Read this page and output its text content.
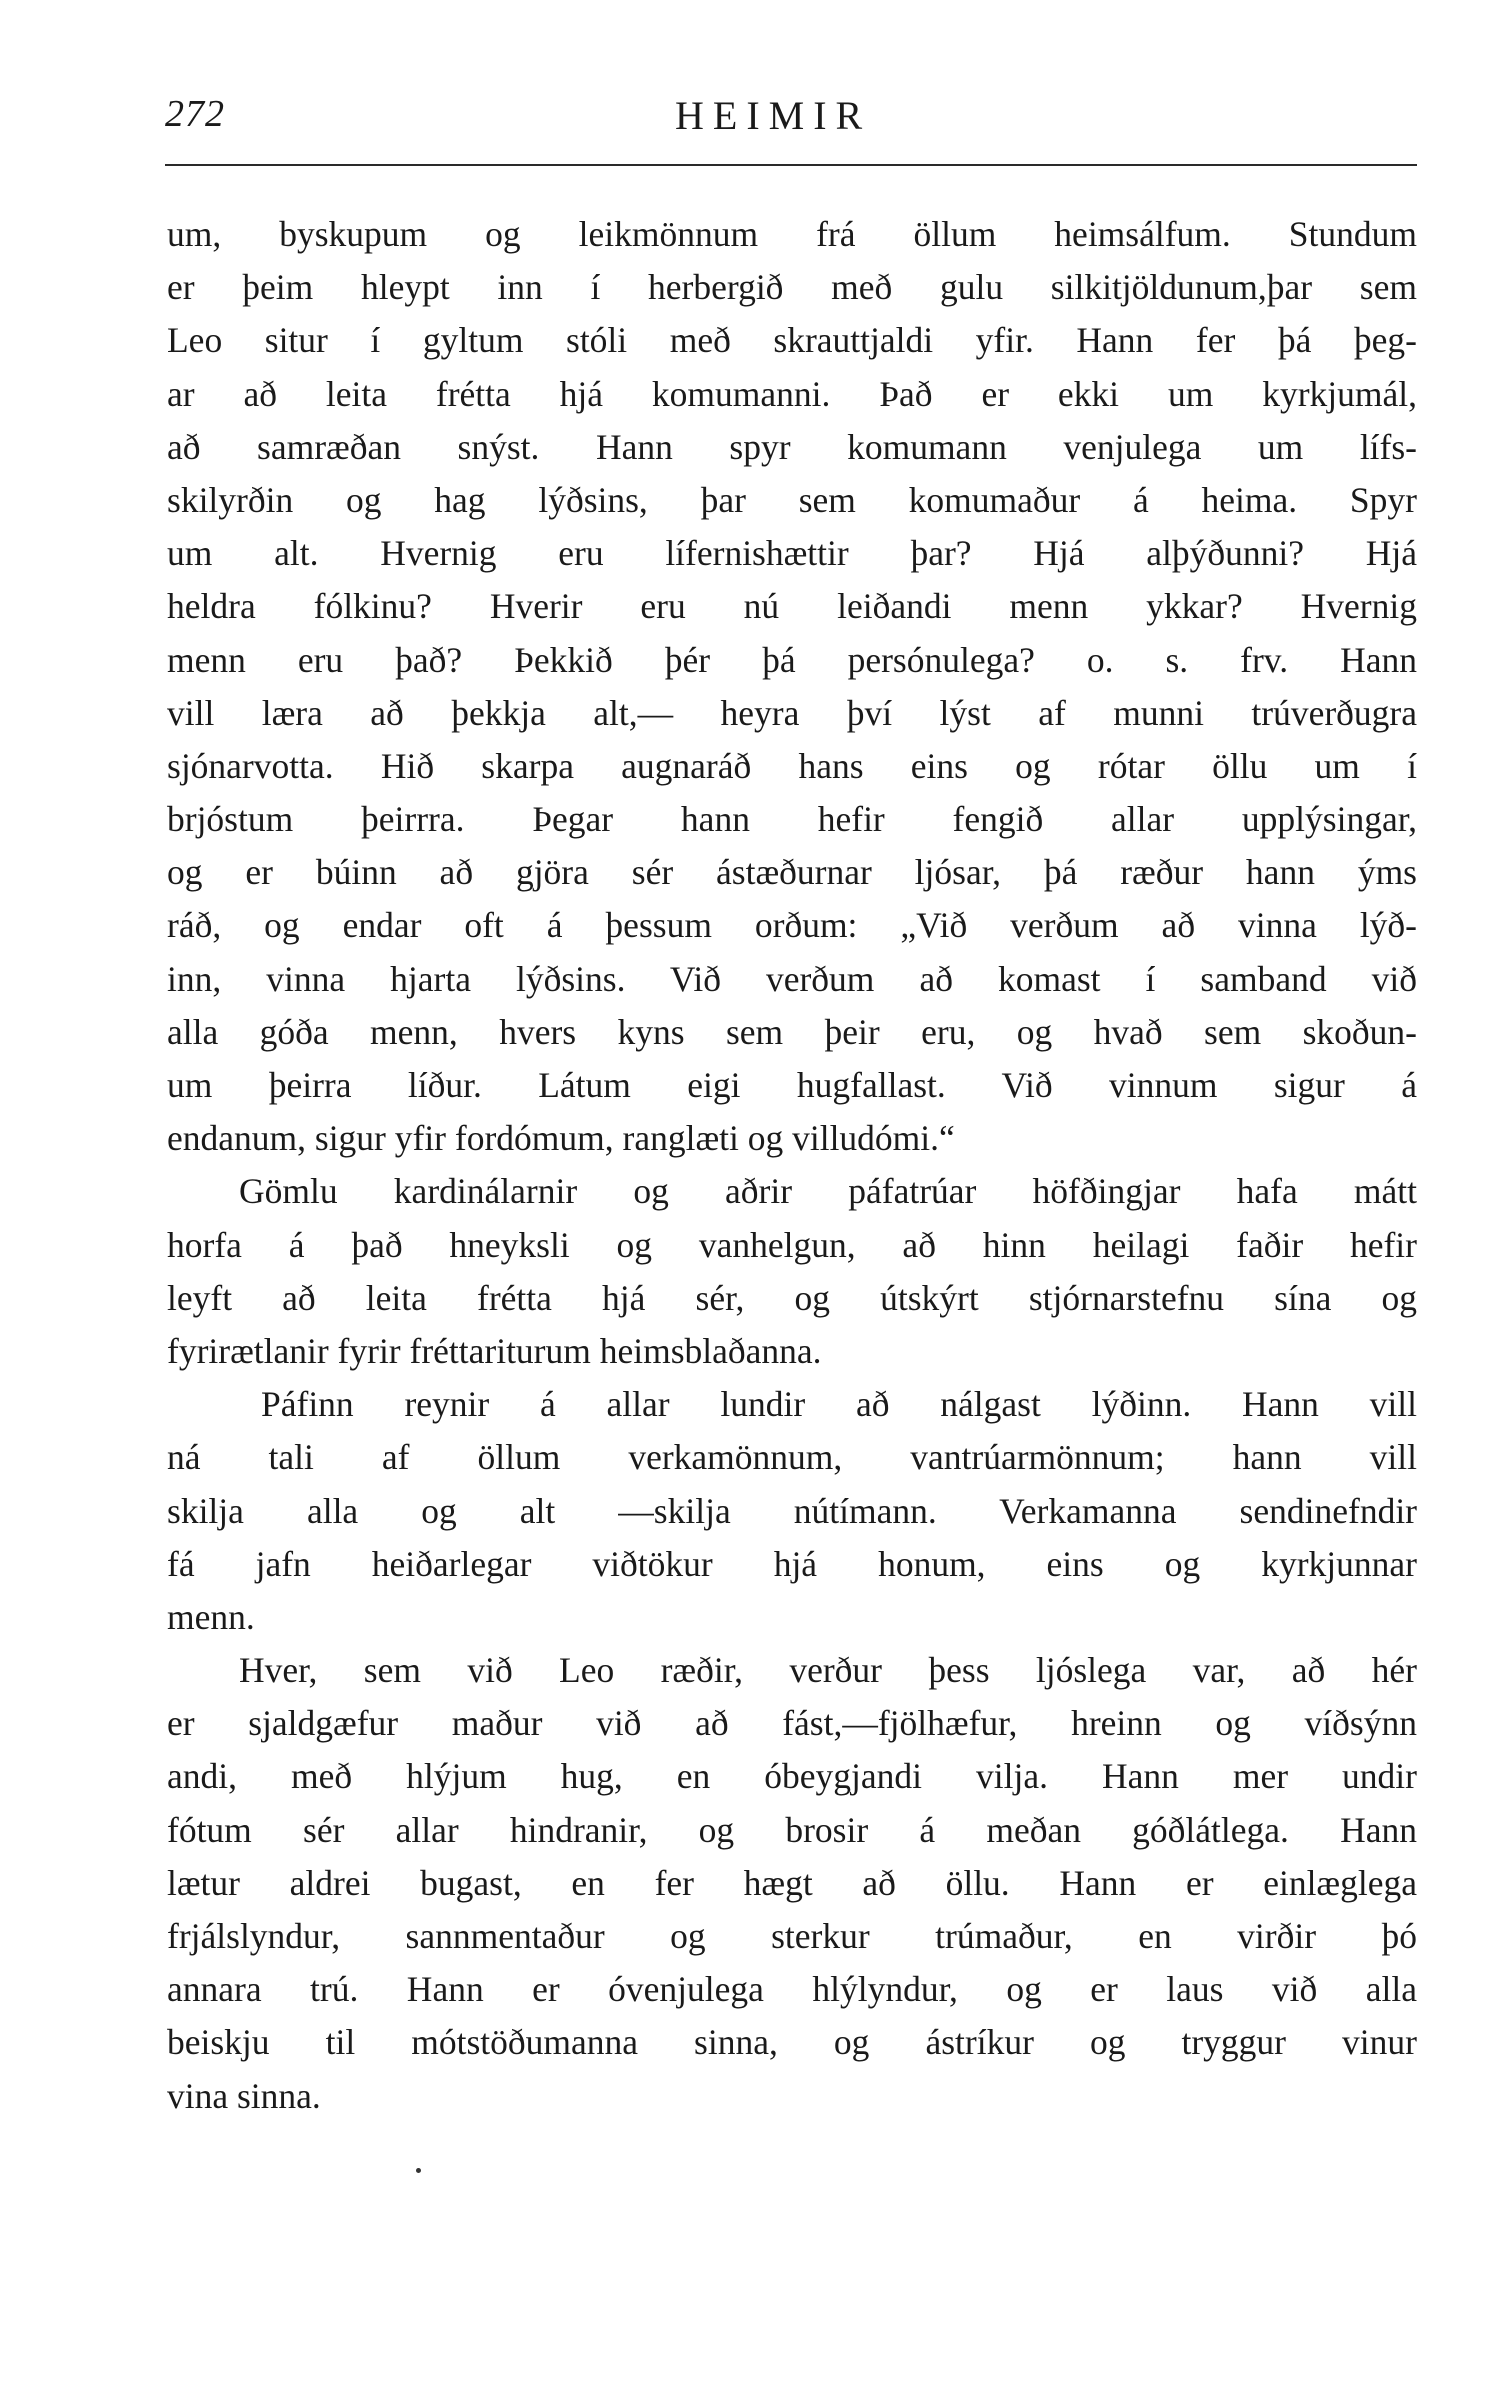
272	HEIMIR
um, byskupum og leikmönnum frá öllum heimsálfum. Stundum
er þeim hleypt inn í herbergið með gulu silkitjöldunum,þar sem
Leo situr í gyltum stóli með skrauttjaldi yfir. Hann fer þá þeg-
ar að leita frétta hjá komumanni. Það er ekki um kyrkjumál,
að samræðan snýst. Hann spyr komumann venjulega um lífs-
skilyrðin og hag lýðsins, þar sem komumaður á heima. Spyr
um alt. Hvernig eru lífernishættir þar? Hjá alþýðunni? Hjá
heldra fólkinu? Hverir eru nú leiðandi menn ykkar? Hvernig
menn eru það? Þekkið þér þá persónulega? o. s. frv. Hann
vill læra að þekkja alt,— heyra því lýst af munni trúverðugra
sjónarvotta. Hið skarpa augnaráð hans eins og rótar öllu um í
brjóstum þeirrra. Þegar hann hefir fengið allar upplýsingar,
og er búinn að gjöra sér ástæðurnar ljósar, þá ræður hann ýms
ráð, og endar oft á þessum orðum: „Við verðum að vinna lýð-
inn, vinna hjarta lýðsins. Við verðum að komast í samband við
alla góða menn, hvers kyns sem þeir eru, og hvað sem skoðun-
um þeirra líður. Látum eigi hugfallast. Við vinnum sigur á
endanum, sigur yfir fordómum, ranglæti og villudómi.“
Gömlu kardinálarnir og aðrir páfatrúar höfðingjar hafa mátt
horfa á það hneyksli og vanhelgun, að hinn heilagi faðir hefir
leyft að leita frétta hjá sér, og útskýrt stjórnarstefnu sína og
fyrirætlanir fyrir fréttariturum heimsblaðanna.
Páfinn reynir á allar lundir að nálgast lýðinn. Hann vill
ná tali af öllum verkamönnum, vantrúarmönnum; hann vill
skilja alla og alt —skilja nútímann. Verkamanna sendinefndir
fá jafn heiðarlegar viðtökur hjá honum, eins og kyrkjunnar
menn.
Hver, sem við Leo ræðir, verður þess ljóslega var, að hér
er sjaldgæfur maður við að fást,—fjölhæfur, hreinn og víðsýnn
andi, með hlýjum hug, en óbeygjandi vilja. Hann mer undir
fótum sér allar hindranir, og brosir á meðan góðlátlega. Hann
lætur aldrei bugast, en fer hægt að öllu. Hann er einlæglega
frjálslyndur, sannmentaður og sterkur trúmaður, en virðir þó
annara trú. Hann er óvenjulega hlýlyndur, og er laus við alla
beiskju til mótstöðumanna sinna, og ástríkur og tryggur vinur
vina sinna.
